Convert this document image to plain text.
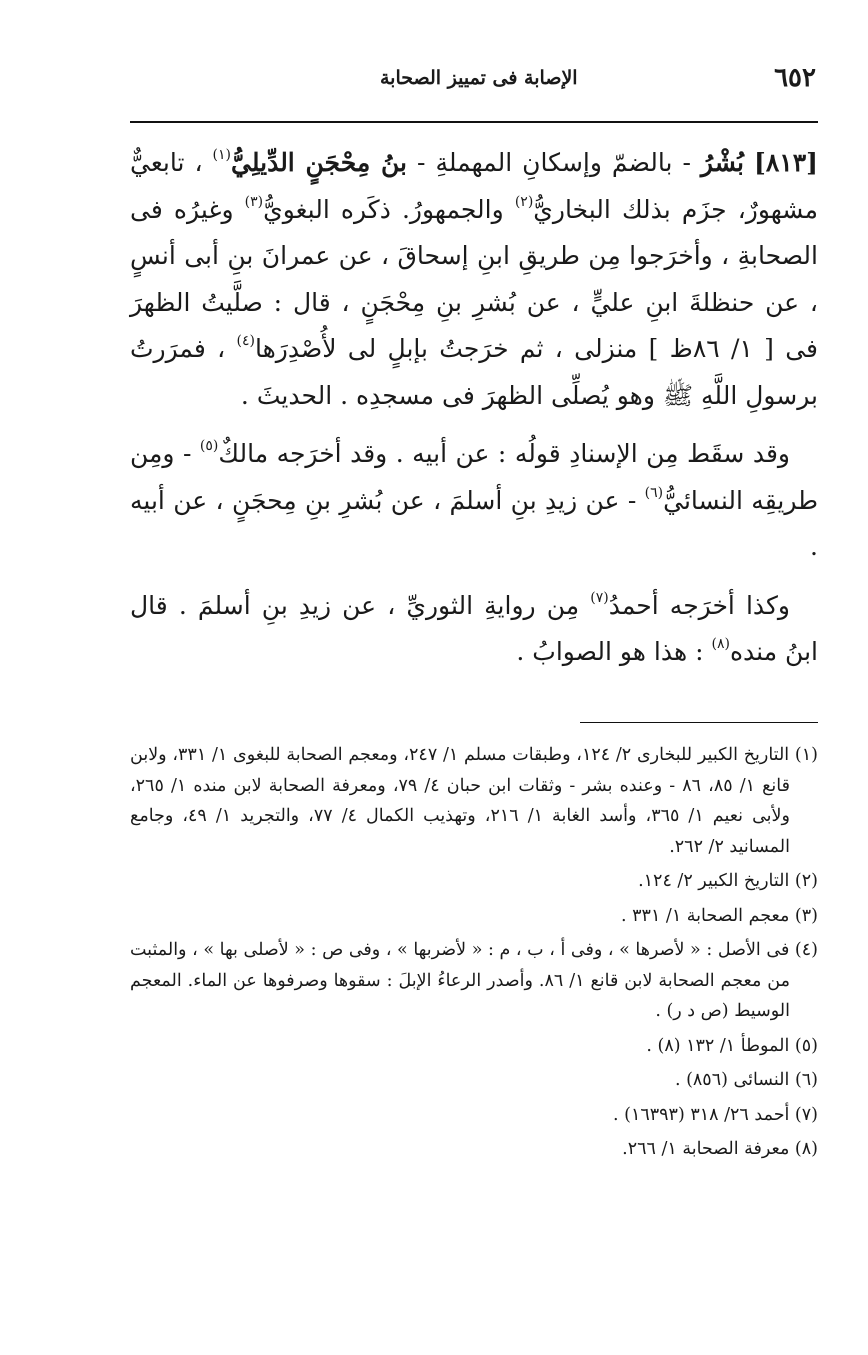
٦٥٢
الإصابة فى تمييز الصحابة

[٨١٣] بُشْرُ - بالضمّ وإسكانِ المهملةِ - بنُ مِحْجَنٍ الدِّيلِيُّ$^{(١)}$ ، تابعيٌّ مشهورٌ، جزَم بذلك البخاريُّ$^{(٢)}$ والجمهورُ. ذكَره البغويُّ$^{(٣)}$ وغيرُه فى الصحابةِ ، وأخرَجوا مِن طريقِ ابنِ إسحاقَ ، عن عمرانَ بنِ أبى أنسٍ ، عن حنظلةَ ابنِ عليٍّ ، عن بُشرِ بنِ مِحْجَنٍ ، قال : صلَّيتُ الظهرَ فى [ ١/ ٨٦ظ ] منزلى ، ثم خرَجتُ بإبلٍ لى لأُصْدِرَها$^{(٤)}$ ، فمرَرتُ برسولِ اللَّهِ ﷺ وهو يُصلِّى الظهرَ فى مسجدِه . الحديثَ .

وقد سقَط مِن الإسنادِ قولُه : عن أبيه . وقد أخرَجه مالكٌ$^{(٥)}$ - ومِن طريقِه النسائيُّ$^{(٦)}$ - عن زيدِ بنِ أسلمَ ، عن بُشرِ بنِ مِحجَنٍ ، عن أبيه .

وكذا أخرَجه أحمدُ$^{(٧)}$ مِن روايةِ الثوريِّ ، عن زيدِ بنِ أسلمَ . قال ابنُ منده$^{(٨)}$ : هذا هو الصوابُ .

(١) التاريخ الكبير للبخارى ٢/ ١٢٤، وطبقات مسلم ١/ ٢٤٧، ومعجم الصحابة للبغوى ١/ ٣٣١، ولابن قانع ١/ ٨٥، ٨٦ - وعنده بشر - وثقات ابن حبان ٤/ ٧٩، ومعرفة الصحابة لابن منده ١/ ٢٦٥، ولأبى نعيم ١/ ٣٦٥، وأسد الغابة ١/ ٢١٦، وتهذيب الكمال ٤/ ٧٧، والتجريد ١/ ٤٩، وجامع المسانيد ٢/ ٢٦٢.

(٢) التاريخ الكبير ٢/ ١٢٤.

(٣) معجم الصحابة ١/ ٣٣١ .

(٤) فى الأصل : « لأصرها » ، وفى أ ، ب ، م : « لأضربها » ، وفى ص : « لأصلى بها » ، والمثبت من معجم الصحابة لابن قانع ١/ ٨٦. وأصدر الرعاءُ الإبلَ : سقوها وصرفوها عن الماء. المعجم الوسيط (ص د ر) .

(٥) الموطأ ١/ ١٣٢ (٨) .

(٦) النسائى (٨٥٦) .

(٧) أحمد ٢٦/ ٣١٨ (١٦٣٩٣) .

(٨) معرفة الصحابة ١/ ٢٦٦.
